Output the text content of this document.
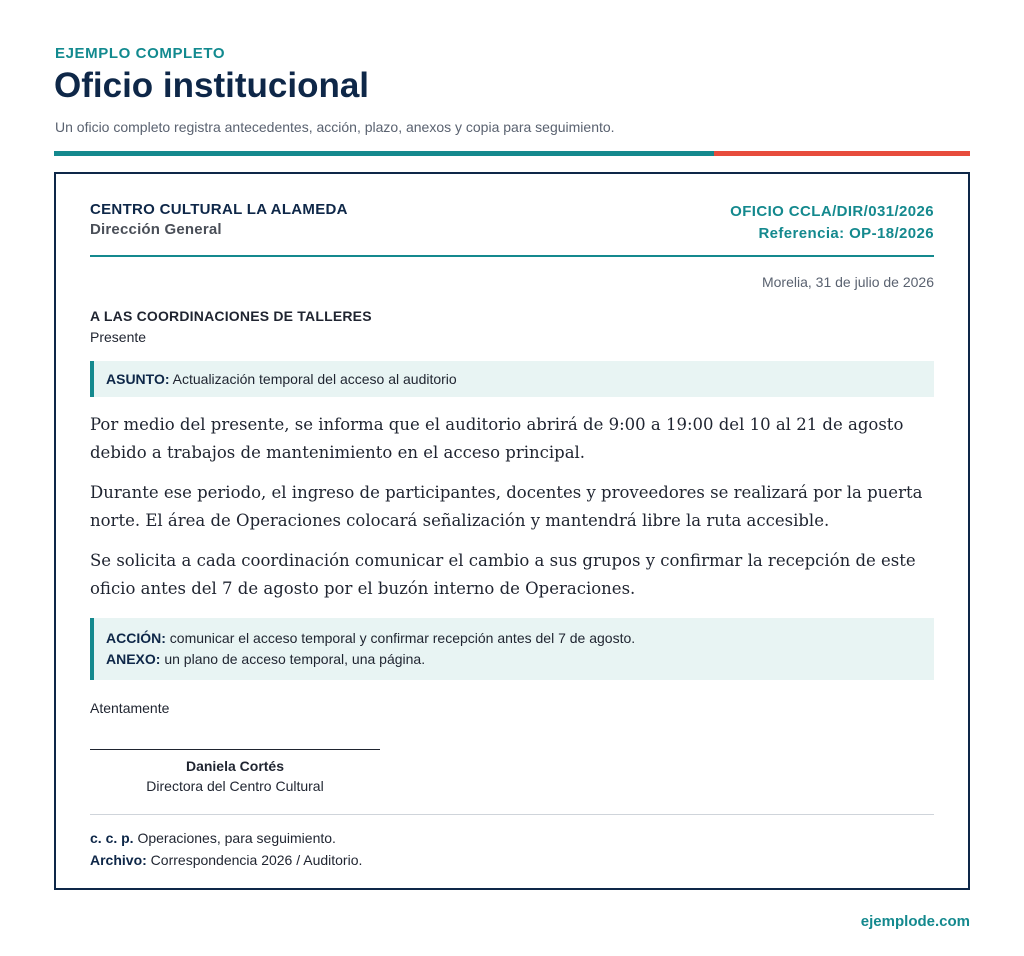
EJEMPLO COMPLETO
Oficio institucional
Un oficio completo registra antecedentes, acción, plazo, anexos y copia para seguimiento.
CENTRO CULTURAL LA ALAMEDA
Dirección General
OFICIO CCLA/DIR/031/2026
Referencia: OP-18/2026
Morelia, 31 de julio de 2026
A LAS COORDINACIONES DE TALLERES
Presente
ASUNTO: Actualización temporal del acceso al auditorio

Por medio del presente, se informa que el auditorio abrirá de 9:00 a 19:00 del 10 al 21 de agosto debido a trabajos de mantenimiento en el acceso principal.

Durante ese periodo, el ingreso de participantes, docentes y proveedores se realizará por la puerta norte. El área de Operaciones colocará señalización y mantendrá libre la ruta accesible.

Se solicita a cada coordinación comunicar el cambio a sus grupos y confirmar la recepción de este oficio antes del 7 de agosto por el buzón interno de Operaciones.

ACCIÓN: comunicar el acceso temporal y confirmar recepción antes del 7 de agosto.
ANEXO: un plano de acceso temporal, una página.
Atentamente
Daniela Cortés
Directora del Centro Cultural
c. c. p. Operaciones, para seguimiento.
Archivo: Correspondencia 2026 / Auditorio.
ejemplode.com
